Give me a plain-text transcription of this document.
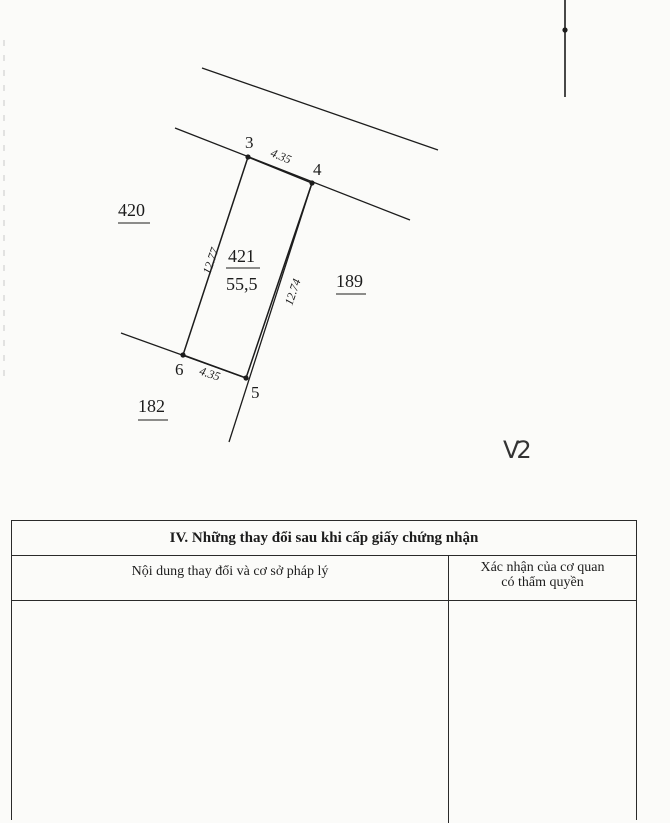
3
4
5
6
4.35
12.77
12.74
4.35
421
55,5
420
189
182
V2
IV. Những thay đổi sau khi cấp giấy chứng nhận
Nội dung thay đổi và cơ sở pháp lý	Xác nhận của cơ quan
có thẩm quyền
